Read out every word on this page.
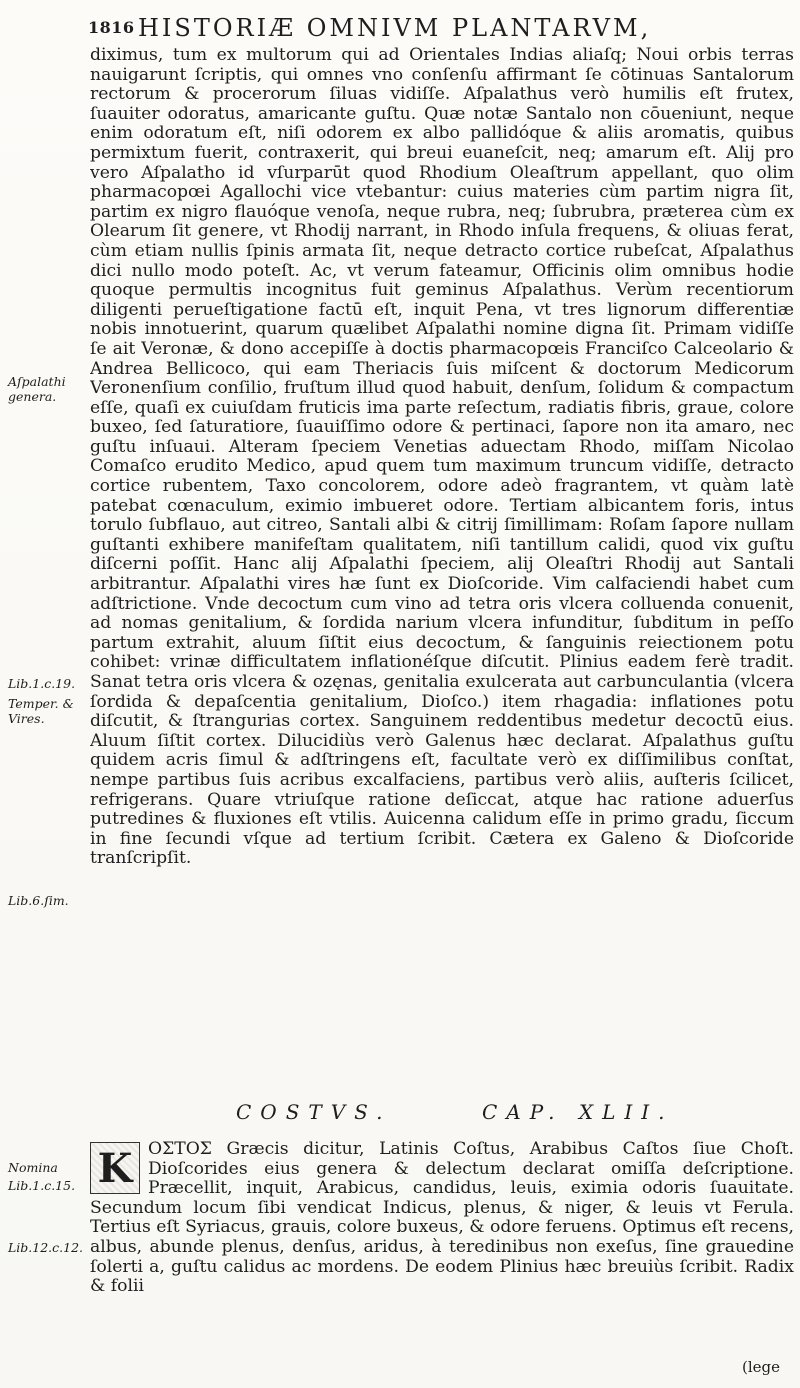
1816 HISTORIÆ OMNIVM PLANTARVM,
Aſpalathi genera.
Lib.1.c.19.
Temper. & Vires.
Lib.6.ſim.
Nomina
Lib.1.c.15.
Lib.12.c.12.
diximus, tum ex multorum qui ad Orientales Indias aliaſq; Noui orbis terras nauigarunt ſcriptis, qui omnes vno conſenſu affirmant ſe cōtinuas Santalorum rectorum & procerorum ſiluas vidiſſe. Aſpalathus verò humilis eſt frutex, ſuauiter odoratus, amaricante guſtu. Quæ notæ Santalo non cōueniunt, neque enim odoratum eſt, niſi odorem ex albo pallidóque & aliis aromatis, quibus permixtum fuerit, contraxerit, qui breui euaneſcit, neq; amarum eſt. Alij pro vero Aſpalatho id vſurparūt quod Rhodium Oleaſtrum appellant, quo olim pharmacopœi Agallochi vice vtebantur: cuius materies cùm partim nigra ſit, partim ex nigro flauóque venoſa, neque rubra, neq; ſubrubra, præterea cùm ex Olearum ſit genere, vt Rhodij narrant, in Rhodo inſula frequens, & oliuas ferat, cùm etiam nullis ſpinis armata ſit, neque detracto cortice rubeſcat, Aſpalathus dici nullo modo poteſt. Ac, vt verum fateamur, Officinis olim omnibus hodie quoque permultis incognitus fuit geminus Aſpalathus. Verùm recentiorum diligenti perueſtigatione factū eſt, inquit Pena, vt tres lignorum differentiæ nobis innotuerint, quarum quælibet Aſpalathi nomine digna ſit. Primam vidiſſe ſe ait Veronæ, & dono accepiſſe à doctis pharmacopœis Franciſco Calceolario & Andrea Bellicoco, qui eam Theriacis ſuis miſcent & doctorum Medicorum Veronenſium conſilio, fruſtum illud quod habuit, denſum, ſolidum & compactum eſſe, quaſi ex cuiuſdam fruticis ima parte reſectum, radiatis fibris, graue, colore buxeo, ſed ſaturatiore, ſuauiſſimo odore & pertinaci, ſapore non ita amaro, nec guſtu inſuaui. Alteram ſpeciem Venetias aduectam Rhodo, miſſam Nicolao Comaſco erudito Medico, apud quem tum maximum truncum vidiſſe, detracto cortice rubentem, Taxo concolorem, odore adeò fragrantem, vt quàm latè patebat cœnaculum, eximio imbueret odore. Tertiam albicantem foris, intus torulo ſubflauo, aut citreo, Santali albi & citrij ſimillimam: Roſam ſapore nullam guſtanti exhibere manifeſtam qualitatem, niſi tantillum calidi, quod vix guſtu diſcerni poſſit. Hanc alij Aſpalathi ſpeciem, alij Oleaſtri Rhodij aut Santali arbitrantur. Aſpalathi vires hæ ſunt ex Dioſcoride. Vim calfaciendi habet cum adſtrictione. Vnde decoctum cum vino ad tetra oris vlcera colluenda conuenit, ad nomas genitalium, & ſordida narium vlcera infunditur, ſubditum in peſſo partum extrahit, aluum ſiſtit eius decoctum, & ſanguinis reiectionem potu cohibet: vrinæ difficultatem inflationéſque diſcutit. Plinius eadem ferè tradit. Sanat tetra oris vlcera & ozęnas, genitalia exulcerata aut carbunculantia (vlcera ſordida & depaſcentia genitalium, Dioſco.) item rhagadia: inflationes potu diſcutit, & ſtrangurias cortex. Sanguinem reddentibus medetur decoctū eius. Aluum ſiſtit cortex. Dilucidiùs verò Galenus hæc declarat. Aſpalathus guſtu quidem acris ſimul & adſtringens eſt, facultate verò ex diſſimilibus conſtat, nempe partibus ſuis acribus excalfaciens, partibus verò aliis, auſteris ſcilicet, refrigerans. Quare vtriuſque ratione deſiccat, atque hac ratione aduerſus putredines & fluxiones eſt vtilis. Auicenna calidum eſſe in primo gradu, ſiccum in fine ſecundi vſque ad tertium ſcribit. Cætera ex Galeno & Dioſcoride tranſcripſit.
COSTVS.	CAP. XLII.
K ΟΣΤΟΣ Græcis dicitur, Latinis Coſtus, Arabibus Caſtos ſiue Choſt. Dioſcorides eius genera & delectum declarat omiſſa deſcriptione. Præcellit, inquit, Arabicus, candidus, leuis, eximia odoris ſuauitate. Secundum locum ſibi vendicat Indicus, plenus, & niger, & leuis vt Ferula. Tertius eſt Syriacus, grauis, colore buxeus, & odore feruens. Optimus eſt recens, albus, abunde plenus, denſus, aridus, à teredinibus non exeſus, ſine grauedine ſolerti a, guſtu calidus ac mordens. De eodem Plinius hæc breuiùs ſcribit. Radix & folii
(lege
